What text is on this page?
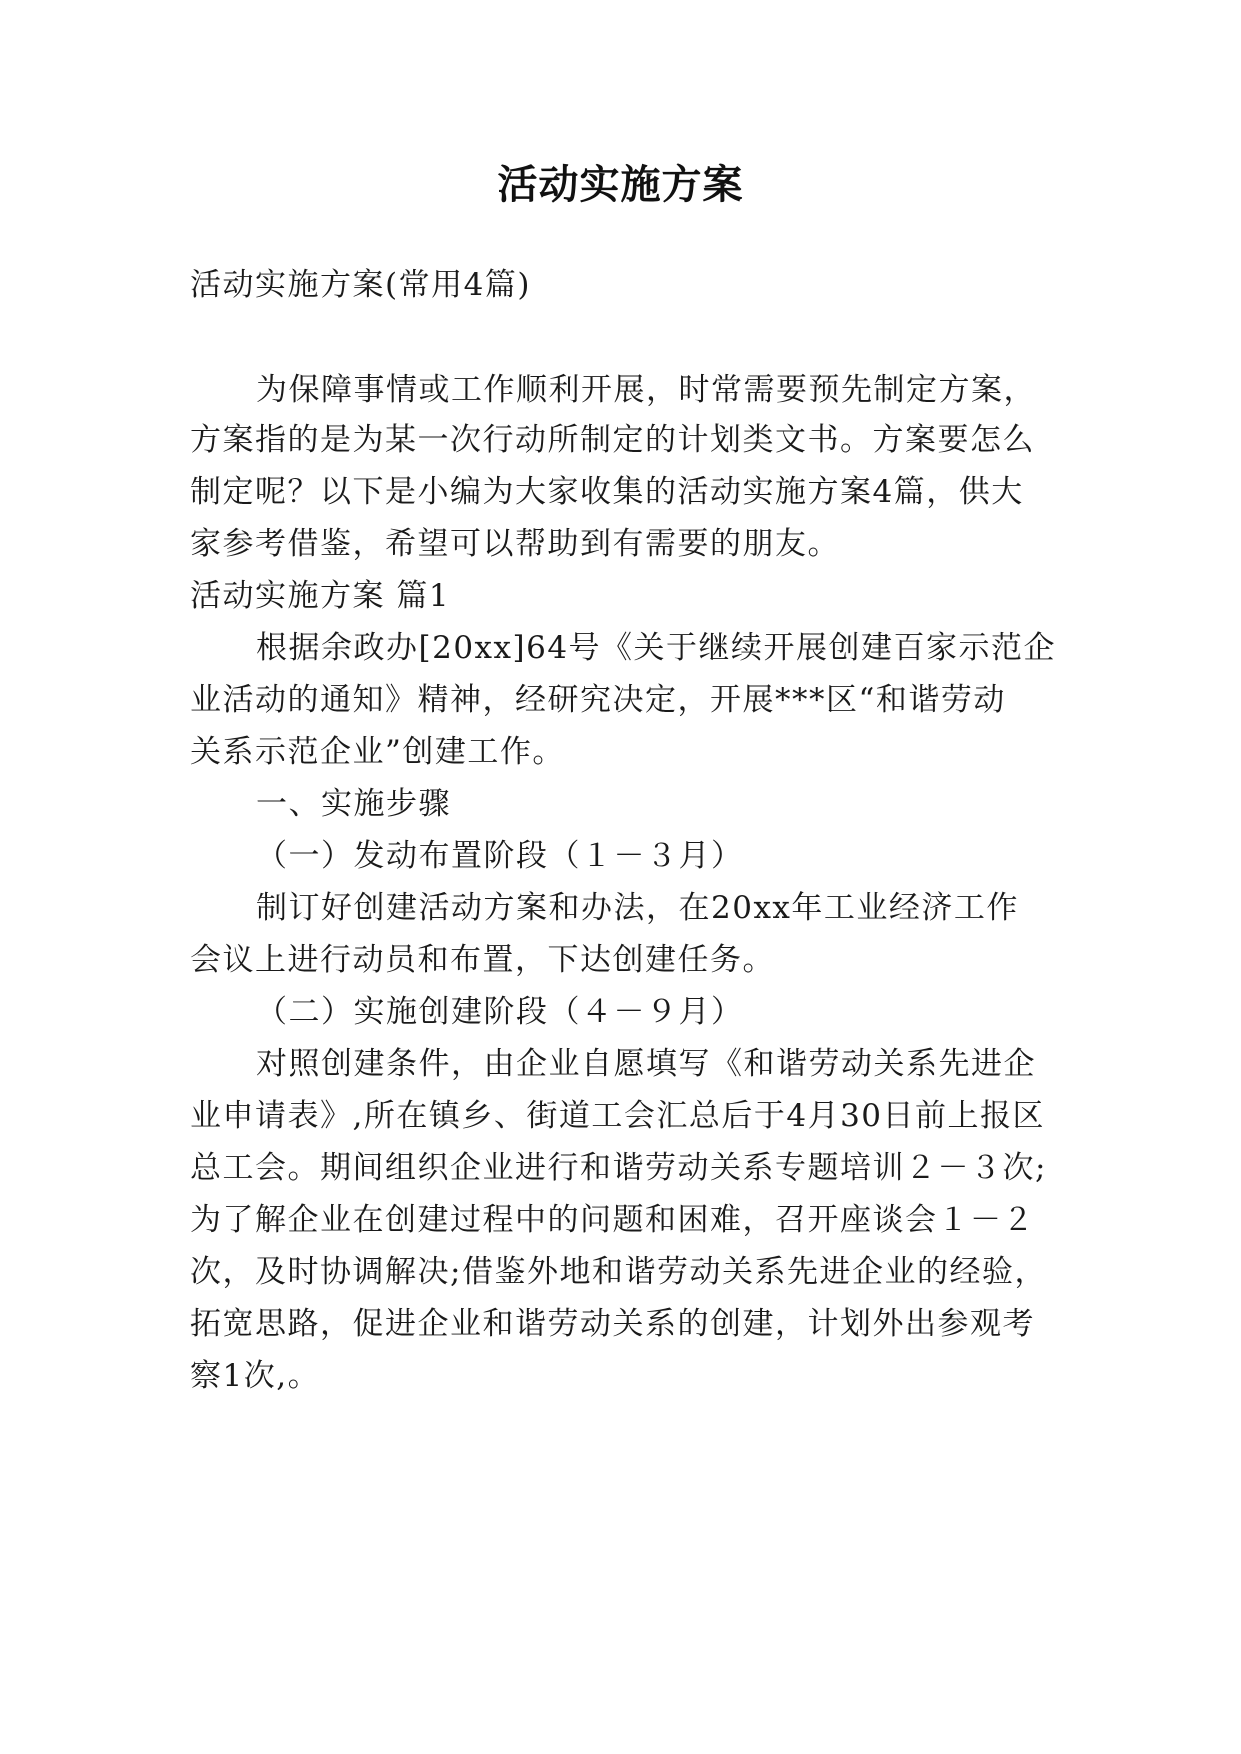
活动实施方案
活动实施方案(常用4篇)
为保障事情或工作顺利开展，时常需要预先制定方案，
方案指的是为某一次行动所制定的计划类文书。方案要怎么
制定呢？以下是小编为大家收集的活动实施方案4篇，供大
家参考借鉴，希望可以帮助到有需要的朋友。
活动实施方案 篇1
根据余政办[20xx]64号《关于继续开展创建百家示范企
业活动的通知》精神，经研究决定，开展***区“和谐劳动
关系示范企业”创建工作。
一、实施步骤
（一）发动布置阶段（１－３月）
制订好创建活动方案和办法，在20xx年工业经济工作
会议上进行动员和布置，下达创建任务。
（二）实施创建阶段（４－９月）
对照创建条件，由企业自愿填写《和谐劳动关系先进企
业申请表》,所在镇乡、街道工会汇总后于4月30日前上报区
总工会。期间组织企业进行和谐劳动关系专题培训２－３次;
为了解企业在创建过程中的问题和困难，召开座谈会１－２
次，及时协调解决;借鉴外地和谐劳动关系先进企业的经验，
拓宽思路，促进企业和谐劳动关系的创建，计划外出参观考
察1次,。
